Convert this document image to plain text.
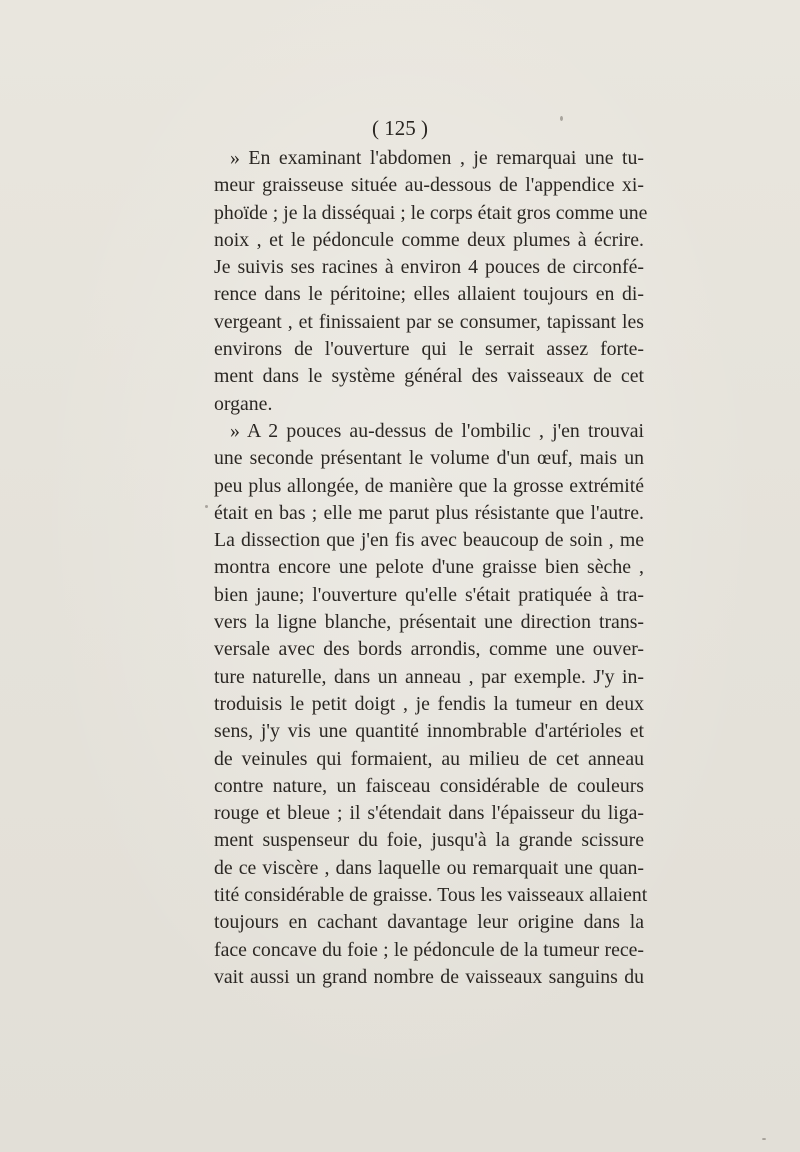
( 125 )
» En examinant l'abdomen , je remarquai une tu-
meur graisseuse située au-dessous de l'appendice xi-
phoïde ; je la disséquai ; le corps était gros comme une
noix , et le pédoncule comme deux plumes à écrire.
Je suivis ses racines à environ 4 pouces de circonfé-
rence dans le péritoine; elles allaient toujours en di-
vergeant , et finissaient par se consumer, tapissant les
environs de l'ouverture qui le serrait assez forte-
ment dans le système général des vaisseaux de cet
organe.
» A 2 pouces au-dessus de l'ombilic , j'en trouvai
une seconde présentant le volume d'un œuf, mais un
peu plus allongée, de manière que la grosse extrémité
était en bas ; elle me parut plus résistante que l'autre.
La dissection que j'en fis avec beaucoup de soin , me
montra encore une pelote d'une graisse bien sèche ,
bien jaune; l'ouverture qu'elle s'était pratiquée à tra-
vers la ligne blanche, présentait une direction trans-
versale avec des bords arrondis, comme une ouver-
ture naturelle, dans un anneau , par exemple. J'y in-
troduisis le petit doigt , je fendis la tumeur en deux
sens, j'y vis une quantité innombrable d'artérioles et
de veinules qui formaient, au milieu de cet anneau
contre nature, un faisceau considérable de couleurs
rouge et bleue ; il s'étendait dans l'épaisseur du liga-
ment suspenseur du foie, jusqu'à la grande scissure
de ce viscère , dans laquelle ou remarquait une quan-
tité considérable de graisse. Tous les vaisseaux allaient
toujours en cachant davantage leur origine dans la
face concave du foie ; le pédoncule de la tumeur rece-
vait aussi un grand nombre de vaisseaux sanguins du
